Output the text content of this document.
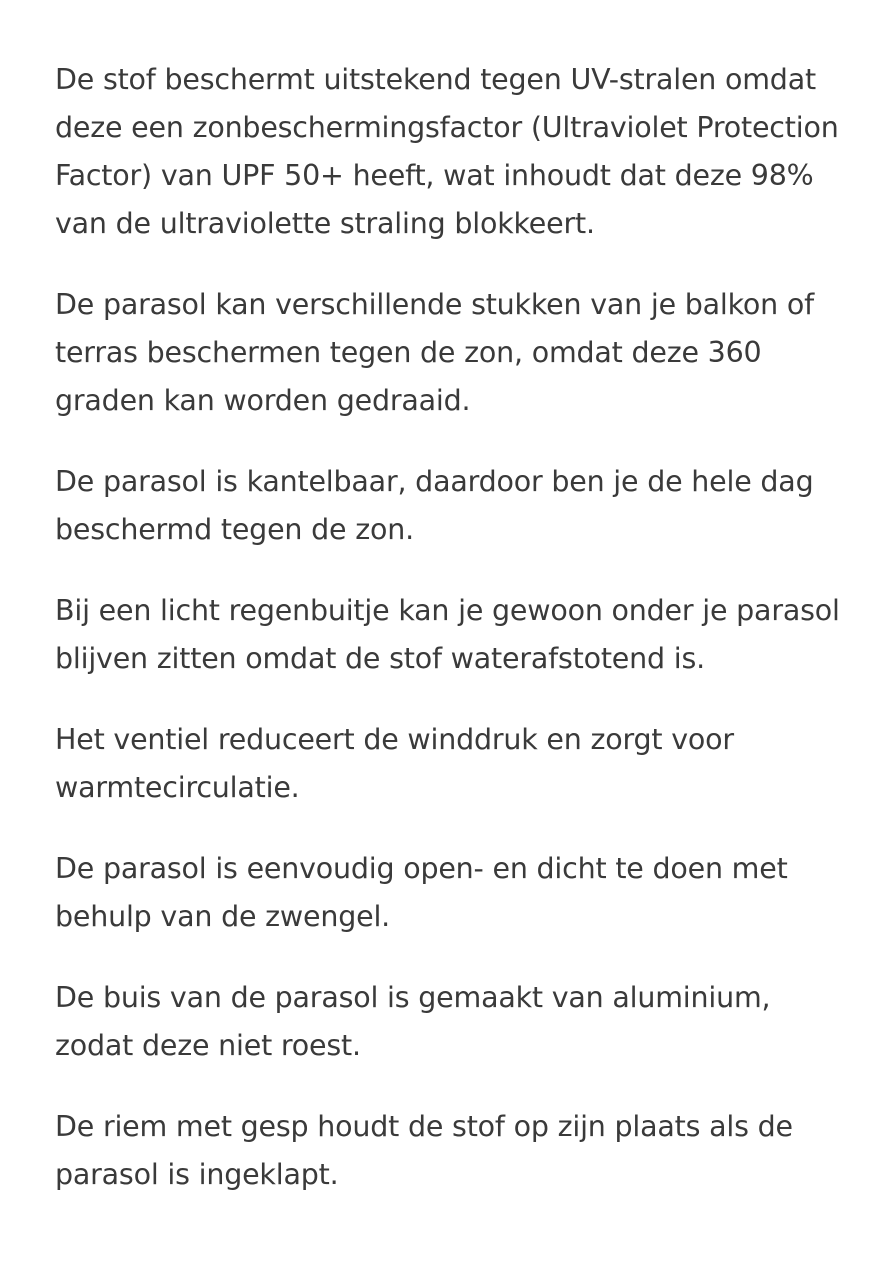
De stof beschermt uitstekend tegen UV-stralen omdat deze een zonbeschermingsfactor (Ultraviolet Protection Factor) van UPF 50+ heeft, wat inhoudt dat deze 98% van de ultraviolette straling blokkeert.

De parasol kan verschillende stukken van je balkon of terras beschermen tegen de zon, omdat deze 360 graden kan worden gedraaid.

De parasol is kantelbaar, daardoor ben je de hele dag beschermd tegen de zon.

Bij een licht regenbuitje kan je gewoon onder je parasol blijven zitten omdat de stof waterafstotend is.

Het ventiel reduceert de winddruk en zorgt voor warmtecirculatie.

De parasol is eenvoudig open- en dicht te doen met behulp van de zwengel.

De buis van de parasol is gemaakt van aluminium, zodat deze niet roest.

De riem met gesp houdt de stof op zijn plaats als de parasol is ingeklapt.
